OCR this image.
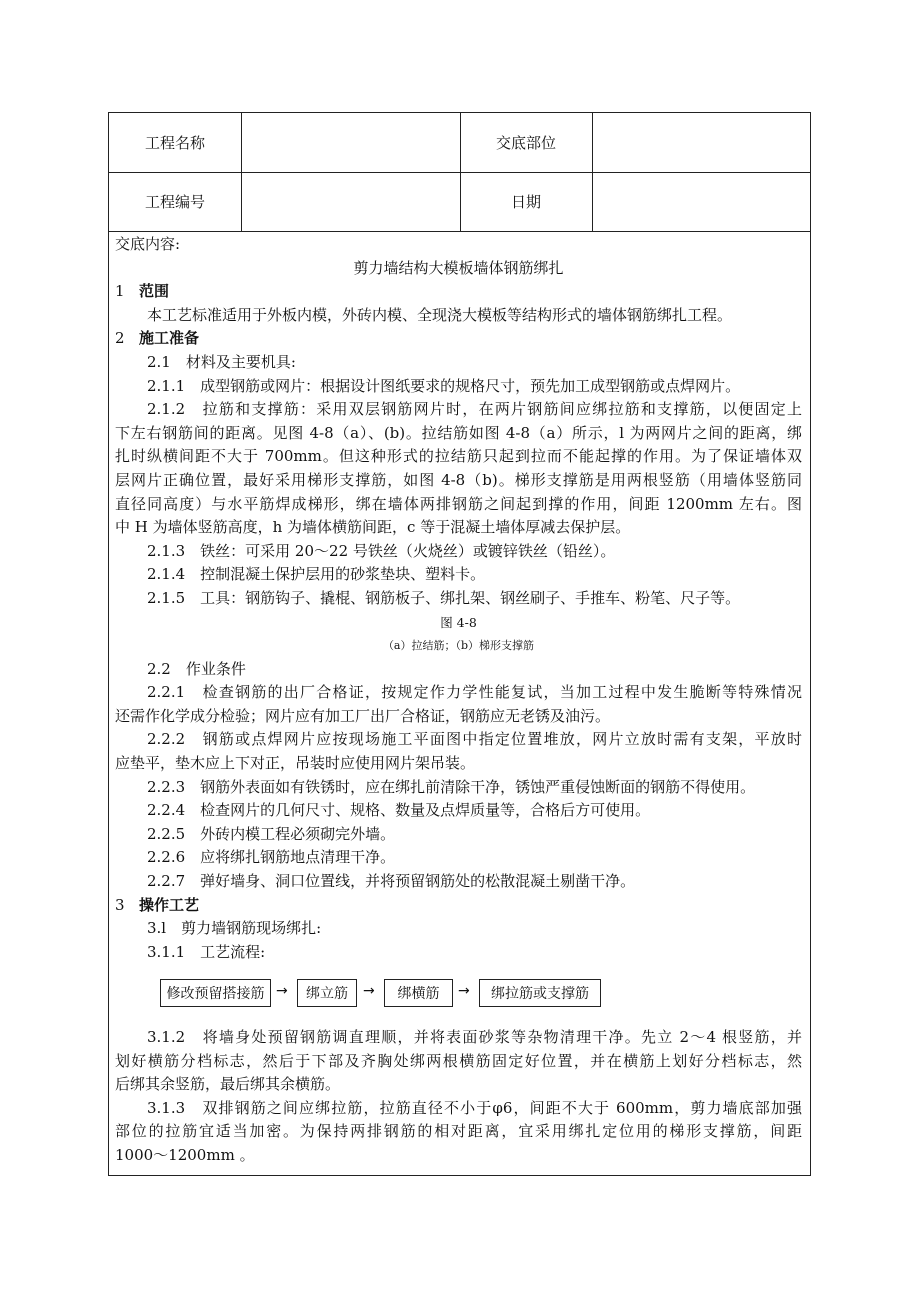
工程名称	交底部位
工程编号	日期
交底内容:
剪力墙结构大模板墙体钢筋绑扎
1 范围
本工艺标准适用于外板内模，外砖内模、全现浇大模板等结构形式的墙体钢筋绑扎工程。
2 施工准备
2.1　材料及主要机具:
2.1.1　成型钢筋或网片：根据设计图纸要求的规格尺寸，预先加工成型钢筋或点焊网片。
2.1.2　拉筋和支撑筋：采用双层钢筋网片时，在两片钢筋间应绑拉筋和支撑筋，以便固定上
下左右钢筋间的距离。见图 4-8（a）、(b)。拉结筋如图 4-8（a）所示，l 为两网片之间的距离，绑
扎时纵横间距不大于 700mm。但这种形式的拉结筋只起到拉而不能起撑的作用。为了保证墙体双
层网片正确位置，最好采用梯形支撑筋，如图 4-8（b)。梯形支撑筋是用两根竖筋（用墙体竖筋同
直径同高度）与水平筋焊成梯形，绑在墙体两排钢筋之间起到撑的作用，间距 1200mm 左右。图
中 H 为墙体竖筋高度，h 为墙体横筋间距，c 等于混凝土墙体厚减去保护层。
2.1.3　铁丝：可采用 20～22 号铁丝（火烧丝）或镀锌铁丝（铅丝）。
2.1.4　控制混凝土保护层用的砂浆垫块、塑料卡。
2.1.5　工具：钢筋钩子、撬棍、钢筋板子、绑扎架、钢丝刷子、手推车、粉笔、尺子等。
图 4-8
（a）拉结筋；（b）梯形支撑筋
2.2　作业条件
2.2.1　检查钢筋的出厂合格证，按规定作力学性能复试，当加工过程中发生脆断等特殊情况
还需作化学成分检验；网片应有加工厂出厂合格证，钢筋应无老锈及油污。
2.2.2　钢筋或点焊网片应按现场施工平面图中指定位置堆放，网片立放时需有支架，平放时
应垫平，垫木应上下对正，吊装时应使用网片架吊装。
2.2.3　钢筋外表面如有铁锈时，应在绑扎前清除干净，锈蚀严重侵蚀断面的钢筋不得使用。
2.2.4　检查网片的几何尺寸、规格、数量及点焊质量等，合格后方可使用。
2.2.5　外砖内模工程必须砌完外墙。
2.2.6　应将绑扎钢筋地点清理干净。
2.2.7　弹好墙身、洞口位置线，并将预留钢筋处的松散混凝土剔凿干净。
3 操作工艺
3.l　剪力墙钢筋现场绑扎:
3.1.1　工艺流程:
修改预留搭接筋 →	绑立筋	→	绑横筋	→	绑拉筋或支撑筋
3.1.2　将墙身处预留钢筋调直理顺，并将表面砂浆等杂物清理干净。先立 2～4 根竖筋，并
划好横筋分档标志，然后于下部及齐胸处绑两根横筋固定好位置，并在横筋上划好分档标志，然
后绑其余竖筋，最后绑其余横筋。
3.1.3　双排钢筋之间应绑拉筋，拉筋直径不小于φ6，间距不大于 600mm，剪力墙底部加强
部位的拉筋宜适当加密。为保持两排钢筋的相对距离，宜采用绑扎定位用的梯形支撑筋，间距
1000～1200mm 。
